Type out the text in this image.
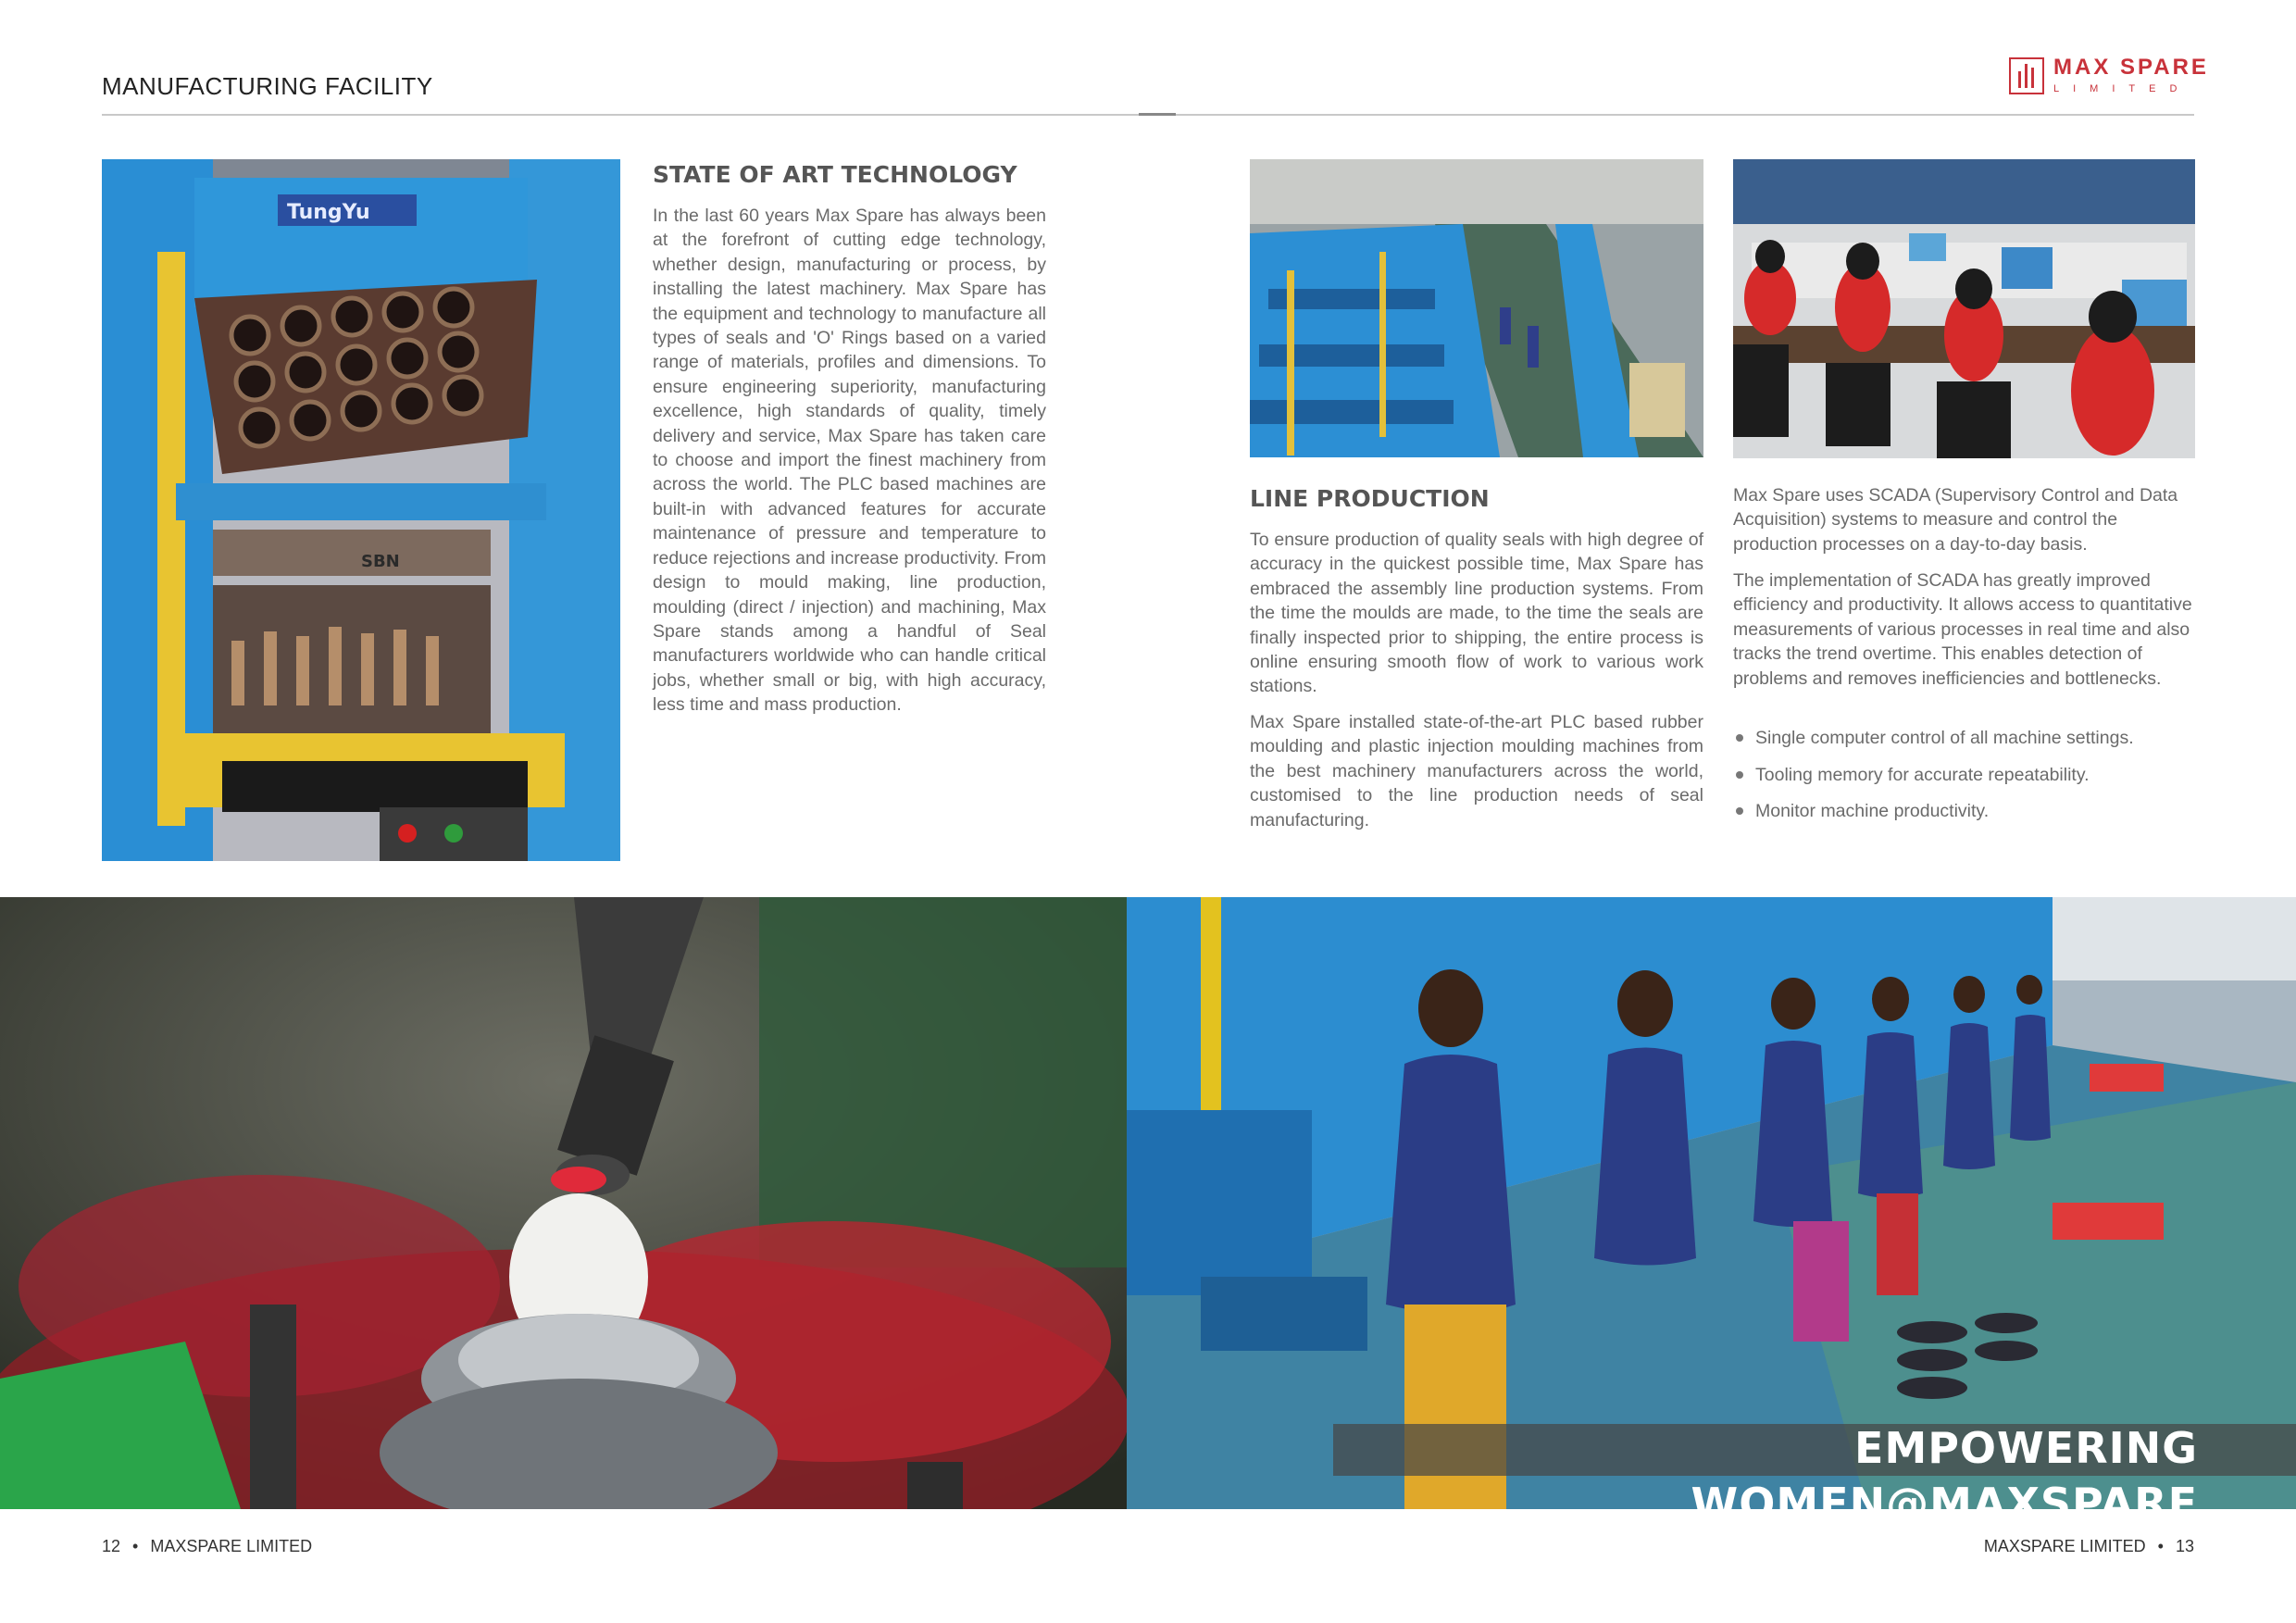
MANUFACTURING FACILITY
MAX SPARE
LIMITED
TungYu
SBN
STATE OF ART TECHNOLOGY
In the last 60 years Max Spare has always been at the forefront of cutting edge technology, whether design, manufacturing or process, by installing the latest machinery. Max Spare has the equipment and technology to manufacture all types of seals and 'O' Rings based on a varied range of materials, profiles and dimensions. To ensure engineering superiority, manufacturing excellence, high standards of quality, timely delivery and service, Max Spare has taken care to choose and import the finest machinery from across the world. The PLC based machines are built-in with advanced features for accurate maintenance of pressure and temperature to reduce rejections and increase productivity. From design to mould making, line production, moulding (direct / injection) and machining, Max Spare stands among a handful of Seal manufacturers worldwide who can handle critical jobs, whether small or big, with high accuracy, less time and mass production.
LINE PRODUCTION
To ensure production of quality seals with high degree of accuracy in the quickest possible time, Max Spare has embraced the assembly line production systems. From the time the moulds are made, to the time the seals are finally inspected prior to shipping, the entire process is online ensuring smooth flow of work to various work stations.
Max Spare installed state-of-the-art PLC based rubber moulding and plastic injection moulding machines from the best machinery manufacturers across the world, customised to the line production needs of seal manufacturing.
Max Spare uses SCADA (Supervisory Control and Data Acquisition) systems to measure and control the production processes on a day-to-day basis.
The implementation of SCADA has greatly improved efficiency and productivity. It allows access to quantitative measurements of various processes in real time and also tracks the trend overtime. This enables detection of problems and removes inefficiencies and bottlenecks.
Single computer control of all machine settings.
Tooling memory for accurate repeatability.
Monitor machine productivity.
EMPOWERING WOMEN@MAXSPARE
12 • MAXSPARE LIMITED	MAXSPARE LIMITED • 13
